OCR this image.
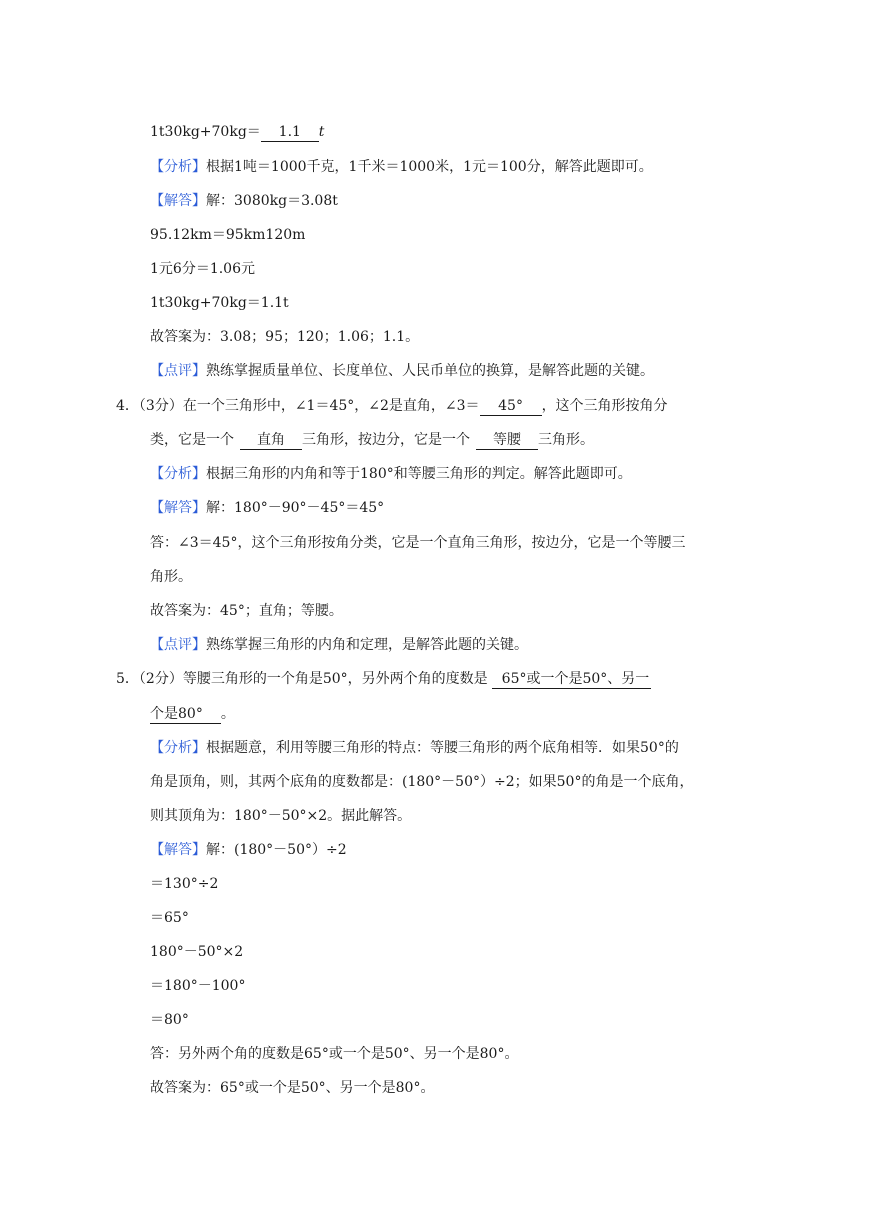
1t30kg+70kg＝ 1.1 t
【分析】根据1吨＝1000千克，1千米＝1000米，1元＝100分，解答此题即可。
【解答】解：3080kg＝3.08t
95.12km＝95km120m
1元6分＝1.06元
1t30kg+70kg＝1.1t
故答案为：3.08；95；120；1.06；1.1。
【点评】熟练掌握质量单位、长度单位、人民币单位的换算，是解答此题的关键。
4．（3分）在一个三角形中，∠1＝45°，∠2是直角，∠3＝ 45° ，这个三角形按角分
类，它是一个 直角 三角形，按边分，它是一个 等腰 三角形。
【分析】根据三角形的内角和等于180°和等腰三角形的判定。解答此题即可。
【解答】解：180°－90°－45°＝45°
答：∠3＝45°，这个三角形按角分类，它是一个直角三角形，按边分，它是一个等腰三
角形。
故答案为：45°；直角；等腰。
【点评】熟练掌握三角形的内角和定理，是解答此题的关键。
5．（2分）等腰三角形的一个角是50°，另外两个角的度数是 65°或一个是50°、另一
个是80° 。
【分析】根据题意，利用等腰三角形的特点：等腰三角形的两个底角相等．如果50°的
角是顶角，则，其两个底角的度数都是：(180°－50°）÷2；如果50°的角是一个底角，
则其顶角为：180°－50°×2。据此解答。
【解答】解：(180°－50°）÷2
＝130°÷2
＝65°
180°－50°×2
＝180°－100°
＝80°
答：另外两个角的度数是65°或一个是50°、另一个是80°。
故答案为：65°或一个是50°、另一个是80°。
